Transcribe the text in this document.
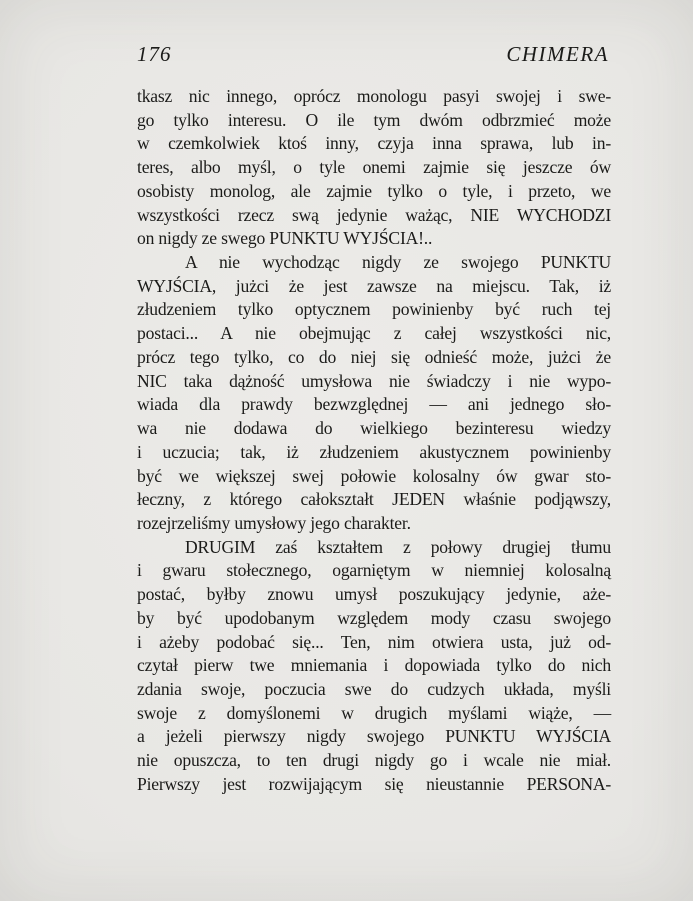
176	CHIMERA
tkasz nic innego, oprócz monologu pasyi swojej i swe-
go tylko interesu. O ile tym dwóm odbrzmieć może
w czemkolwiek ktoś inny, czyja inna sprawa, lub in-
teres, albo myśl, o tyle onemi zajmie się jeszcze ów
osobisty monolog, ale zajmie tylko o tyle, i przeto, we
wszystkości rzecz swą jedynie ważąc, NIE WYCHODZI
on nigdy ze swego PUNKTU WYJŚCIA!..
A nie wychodząc nigdy ze swojego PUNKTU
WYJŚCIA, jużci że jest zawsze na miejscu. Tak, iż
złudzeniem tylko optycznem powinienby być ruch tej
postaci... A nie obejmując z całej wszystkości nic,
prócz tego tylko, co do niej się odnieść może, jużci że
NIC taka dążność umysłowa nie świadczy i nie wypo-
wiada dla prawdy bezwzględnej — ani jednego sło-
wa nie dodawa do wielkiego bezinteresu wiedzy
i uczucia; tak, iż złudzeniem akustycznem powinienby
być we większej swej połowie kolosalny ów gwar sto-
łeczny, z którego całokształt JEDEN właśnie podjąwszy,
rozejrzeliśmy umysłowy jego charakter.
DRUGIM zaś kształtem z połowy drugiej tłumu
i gwaru stołecznego, ogarniętym w niemniej kolosalną
postać, byłby znowu umysł poszukujący jedynie, aże-
by być upodobanym względem mody czasu swojego
i ażeby podobać się... Ten, nim otwiera usta, już od-
czytał pierw twe mniemania i dopowiada tylko do nich
zdania swoje, poczucia swe do cudzych układa, myśli
swoje z domyślonemi w drugich myślami wiąże, —
a jeżeli pierwszy nigdy swojego PUNKTU WYJŚCIA
nie opuszcza, to ten drugi nigdy go i wcale nie miał.
Pierwszy jest rozwijającym się nieustannie PERSONA-
